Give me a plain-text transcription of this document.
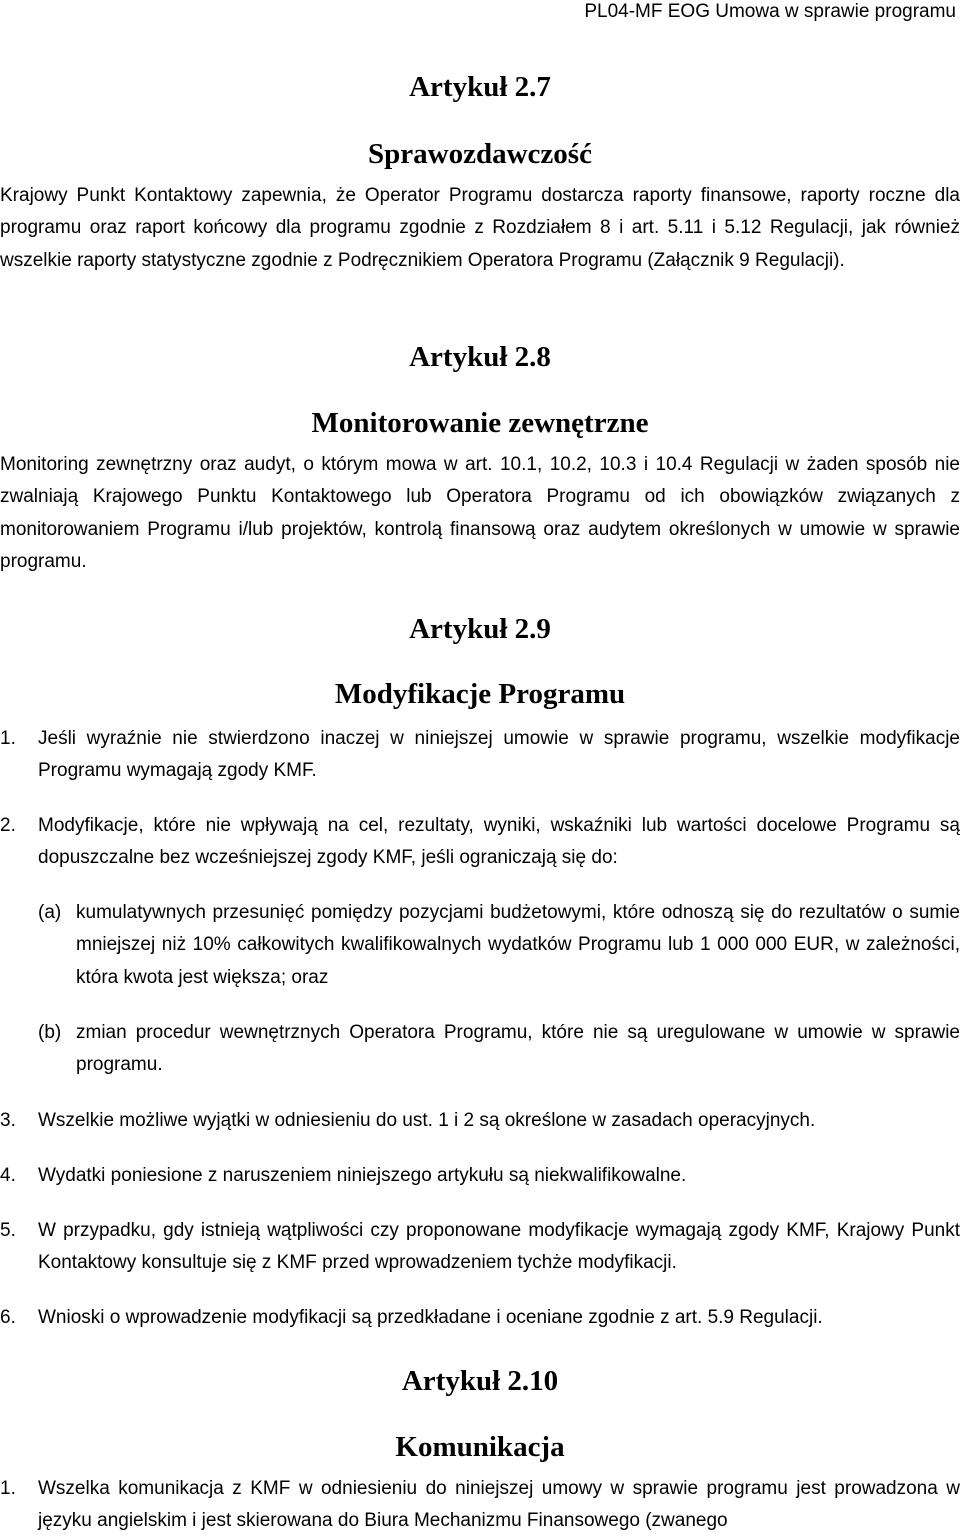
PL04-MF EOG Umowa w sprawie programu
Artykuł 2.7
Sprawozdawczość

Krajowy Punkt Kontaktowy zapewnia, że Operator Programu dostarcza raporty finansowe, raporty roczne dla programu oraz raport końcowy dla programu zgodnie z Rozdziałem 8 i art. 5.11 i 5.12 Regulacji, jak również wszelkie raporty statystyczne zgodnie z Podręcznikiem Operatora Programu (Załącznik 9 Regulacji).

Artykuł 2.8
Monitorowanie zewnętrzne

Monitoring zewnętrzny oraz audyt, o którym mowa w art. 10.1, 10.2, 10.3 i 10.4 Regulacji w żaden sposób nie zwalniają Krajowego Punktu Kontaktowego lub Operatora Programu od ich obowiązków związanych z monitorowaniem Programu i/lub projektów, kontrolą finansową oraz audytem określonych w umowie w sprawie programu.

Artykuł 2.9
Modyfikacje Programu
1. Jeśli wyraźnie nie stwierdzono inaczej w niniejszej umowie w sprawie programu, wszelkie modyfikacje Programu wymagają zgody KMF.
2. Modyfikacje, które nie wpływają na cel, rezultaty, wyniki, wskaźniki lub wartości docelowe Programu są dopuszczalne bez wcześniejszej zgody KMF, jeśli ograniczają się do:
(a) kumulatywnych przesunięć pomiędzy pozycjami budżetowymi, które odnoszą się do rezultatów o sumie mniejszej niż 10% całkowitych kwalifikowalnych wydatków Programu lub 1 000 000 EUR, w zależności, która kwota jest większa; oraz
(b) zmian procedur wewnętrznych Operatora Programu, które nie są uregulowane w umowie w sprawie programu.
3. Wszelkie możliwe wyjątki w odniesieniu do ust. 1 i 2 są określone w zasadach operacyjnych.
4. Wydatki poniesione z naruszeniem niniejszego artykułu są niekwalifikowalne.
5. W przypadku, gdy istnieją wątpliwości czy proponowane modyfikacje wymagają zgody KMF, Krajowy Punkt Kontaktowy konsultuje się z KMF przed wprowadzeniem tychże modyfikacji.
6. Wnioski o wprowadzenie modyfikacji są przedkładane i oceniane zgodnie z art. 5.9 Regulacji.
Artykuł 2.10
Komunikacja
1. Wszelka komunikacja z KMF w odniesieniu do niniejszej umowy w sprawie programu jest prowadzona w języku angielskim i jest skierowana do Biura Mechanizmu Finansowego (zwanego
